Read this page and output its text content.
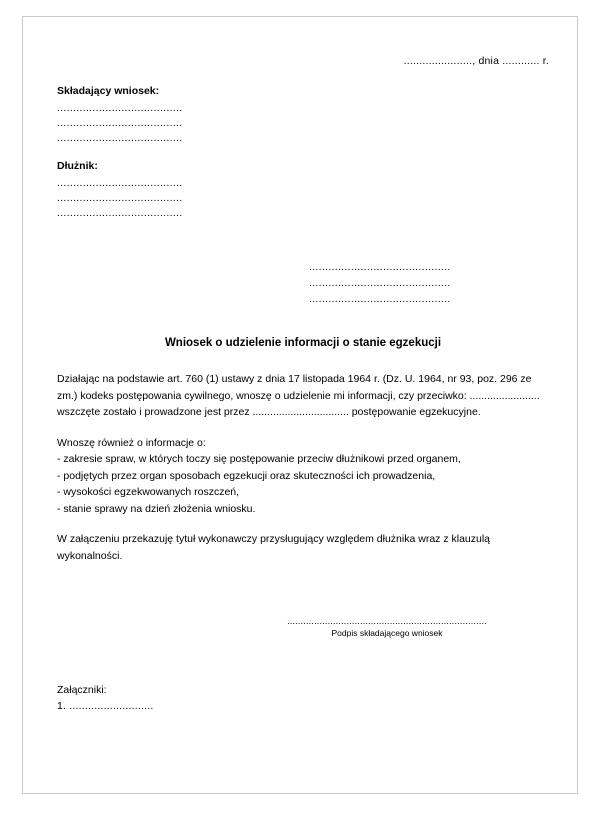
......................, dnia ............ r.
Składający wniosek:
.......................................
.......................................
.......................................
Dłużnik:
.......................................
.......................................
.......................................
............................................
............................................
............................................
Wniosek o udzielenie informacji o stanie egzekucji
Działając na podstawie art. 760 (1) ustawy z dnia 17 listopada 1964 r. (Dz. U. 1964, nr 93, poz. 296 ze zm.) kodeks postępowania cywilnego, wnoszę o udzielenie mi informacji, czy przeciwko: ........................ wszczęte zostało i prowadzone jest przez ................................. postępowanie egzekucyjne.
Wnoszę również o informacje o:
- zakresie spraw, w których toczy się postępowanie przeciw dłużnikowi przed organem,
- podjętych przez organ sposobach egzekucji oraz skuteczności ich prowadzenia,
- wysokości egzekwowanych roszczeń,
- stanie sprawy na dzień złożenia wniosku.
W załączeniu przekazuję tytuł wykonawczy przysługujący względem dłużnika wraz z klauzulą wykonalności.
..........................................................................
Podpis składającego wniosek
Załączniki:
1. ...........................
